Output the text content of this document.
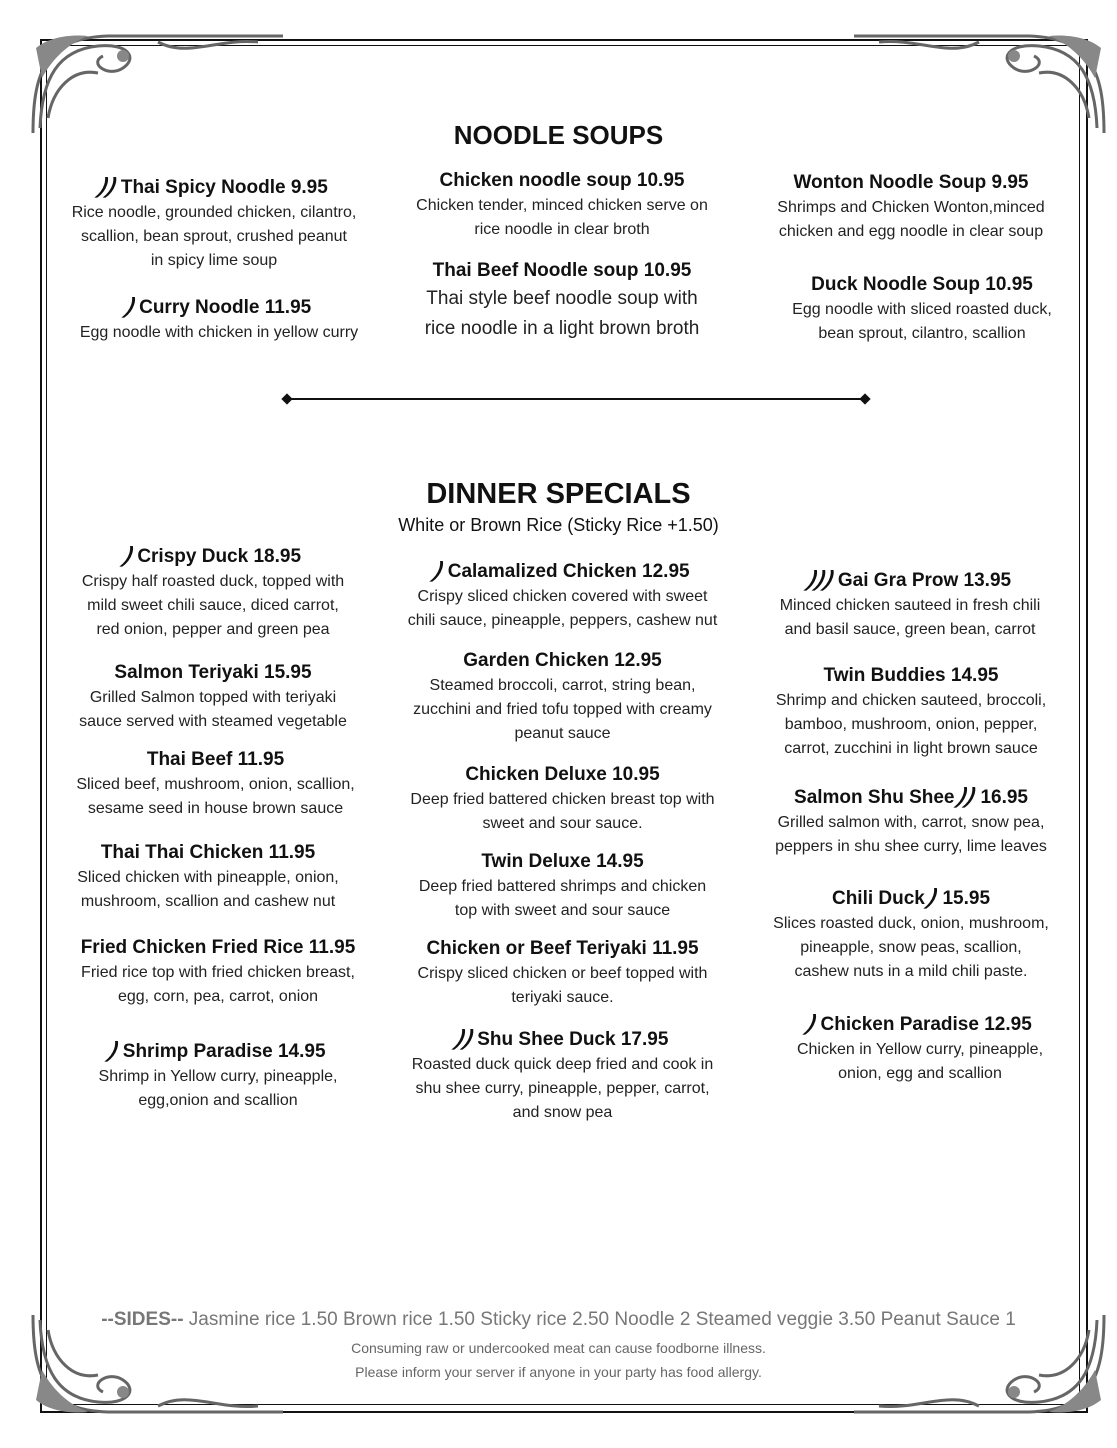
NOODLE SOUPS
))Thai Spicy Noodle 9.95
Rice noodle, grounded chicken, cilantro,
scallion, bean sprout, crushed peanut
in spicy lime soup
)Curry Noodle 11.95
Egg noodle with chicken in yellow curry
Chicken noodle soup 10.95
Chicken tender, minced chicken serve on
rice noodle in clear broth
Thai Beef Noodle soup 10.95
Thai style beef noodle soup with
rice noodle in a light brown broth
Wonton Noodle Soup 9.95
Shrimps and Chicken Wonton,minced
chicken and egg noodle in clear soup
Duck Noodle Soup 10.95
Egg noodle with sliced roasted duck,
bean sprout, cilantro, scallion
DINNER SPECIALS
White or Brown Rice (Sticky Rice +1.50)
)Crispy Duck 18.95
Crispy half roasted duck, topped with
mild sweet chili sauce, diced carrot,
red onion, pepper and green pea
Salmon Teriyaki 15.95
Grilled Salmon topped with teriyaki
sauce served with steamed vegetable
Thai Beef 11.95
Sliced beef, mushroom, onion, scallion,
sesame seed in house brown sauce
Thai Thai Chicken 11.95
Sliced chicken with pineapple, onion,
mushroom, scallion and cashew nut
Fried Chicken Fried Rice 11.95
Fried rice top with fried chicken breast,
egg, corn, pea, carrot, onion
)Shrimp Paradise 14.95
Shrimp in Yellow curry, pineapple,
egg,onion and scallion
)Calamalized Chicken 12.95
Crispy sliced chicken covered with sweet
chili sauce, pineapple, peppers, cashew nut
Garden Chicken 12.95
Steamed broccoli, carrot, string bean,
zucchini and fried tofu topped with creamy
peanut sauce
Chicken Deluxe 10.95
Deep fried battered chicken breast top with
sweet and sour sauce.
Twin Deluxe 14.95
Deep fried battered shrimps and chicken
top with sweet and sour sauce
Chicken or Beef Teriyaki 11.95
Crispy sliced chicken or beef topped with
teriyaki sauce.
))Shu Shee Duck 17.95
Roasted duck quick deep fried and cook in
shu shee curry, pineapple, pepper, carrot,
and snow pea
)))Gai Gra Prow 13.95
Minced chicken sauteed in fresh chili
and basil sauce, green bean, carrot
Twin Buddies 14.95
Shrimp and chicken sauteed, broccoli,
bamboo, mushroom, onion, pepper,
carrot, zucchini in light brown sauce
Salmon Shu Shee)) 16.95
Grilled salmon with, carrot, snow pea,
peppers in shu shee curry, lime leaves
Chili Duck) 15.95
Slices roasted duck, onion, mushroom,
pineapple, snow peas, scallion,
cashew nuts in a mild chili paste.
)Chicken Paradise 12.95
Chicken in Yellow curry, pineapple,
onion, egg and scallion
--SIDES-- Jasmine rice 1.50 Brown rice 1.50 Sticky rice 2.50 Noodle 2 Steamed veggie 3.50 Peanut Sauce 1
Consuming raw or undercooked meat can cause foodborne illness.
Please inform your server if anyone in your party has food allergy.
